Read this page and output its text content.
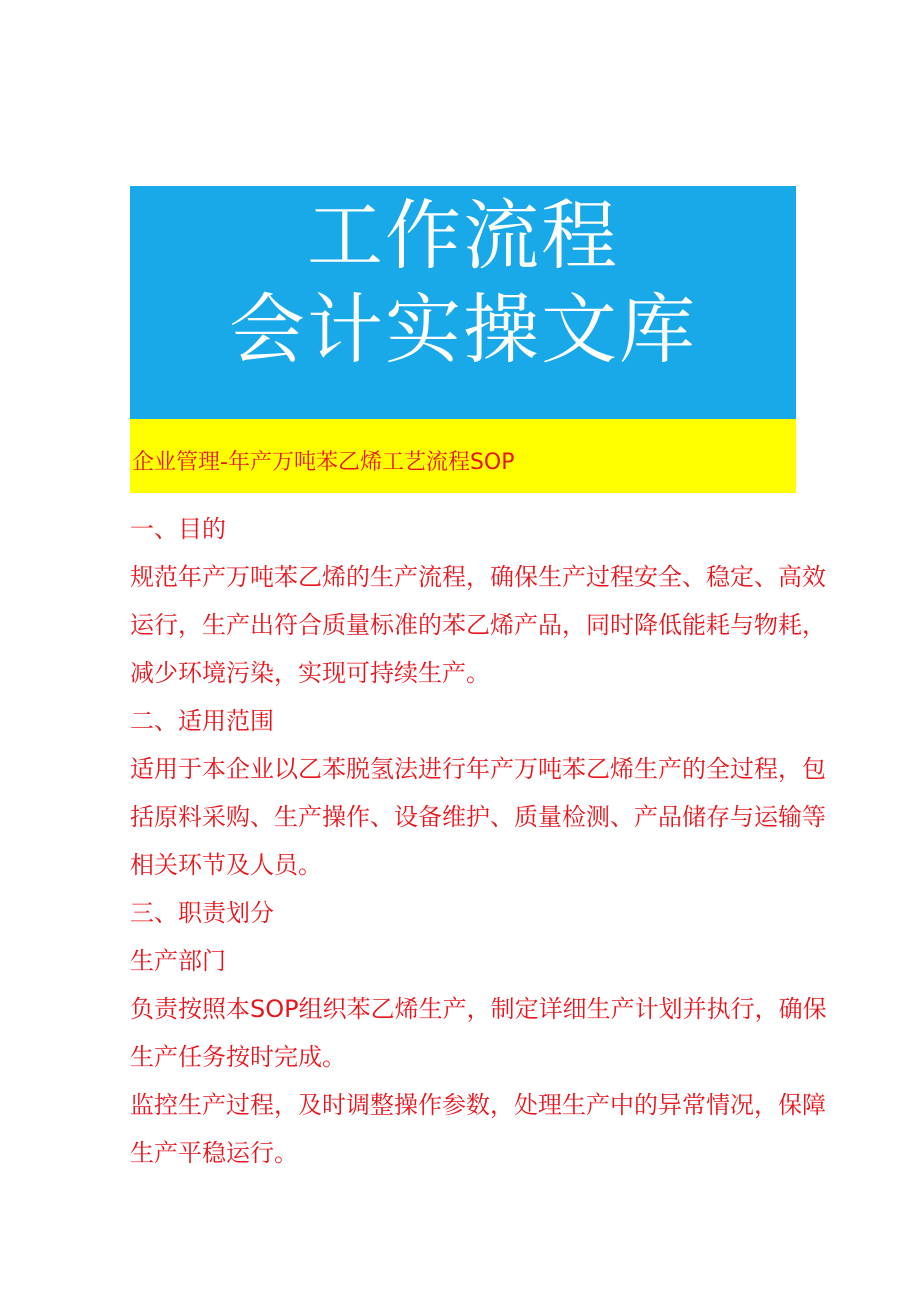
工作流程
会计实操文库
企业管理-年产万吨苯乙烯工艺流程SOP

一、目的

规范年产万吨苯乙烯的生产流程，确保生产过程安全、稳定、高效

运行，生产出符合质量标准的苯乙烯产品，同时降低能耗与物耗，

减少环境污染，实现可持续生产。

二、适用范围

适用于本企业以乙苯脱氢法进行年产万吨苯乙烯生产的全过程，包

括原料采购、生产操作、设备维护、质量检测、产品储存与运输等

相关环节及人员。

三、职责划分

生产部门

负责按照本SOP组织苯乙烯生产，制定详细生产计划并执行，确保

生产任务按时完成。

监控生产过程，及时调整操作参数，处理生产中的异常情况，保障

生产平稳运行。
